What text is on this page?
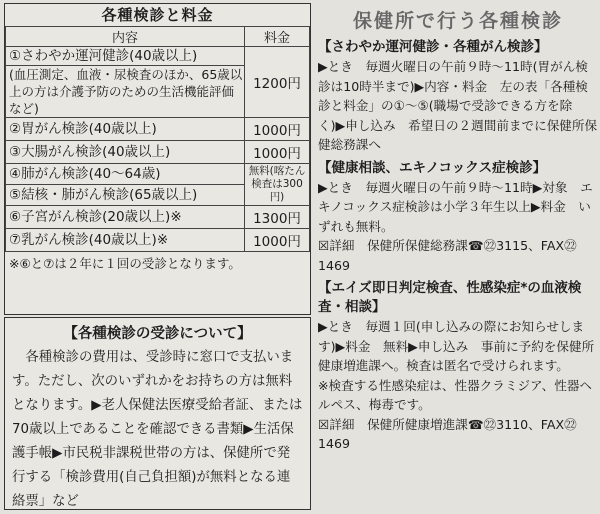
各種検診と料金
内容	料金
①さわやか運河健診(40歳以上)	1200円
(血圧測定、血液・尿検査のほか、65歳以上の方は介護予防のための生活機能評価など)	
②胃がん検診(40歳以上)	1000円
③大腸がん検診(40歳以上)	1000円
④肺がん検診(40～64歳)	無料(喀たん
検査は300円)
⑤結核・肺がん検診(65歳以上)	
⑥子宮がん検診(20歳以上)※	1300円
⑦乳がん検診(40歳以上)※	1000円
※⑥と⑦は２年に１回の受診となります。
【各種検診の受診について】
　各種検診の費用は、受診時に窓口で支払います。ただし、次のいずれかをお持ちの方は無料となります。▶老人保健法医療受給者証、または70歳以上であることを確認できる書類▶生活保護手帳▶市民税非課税世帯の方は、保健所で発行する「検診費用(自己負担額)が無料となる連絡票」など
保健所で行う各種検診
【さわやか運河健診・各種がん検診】
▶とき　毎週火曜日の午前９時～11時(胃がん検診は10時半まで)▶内容・料金　左の表「各種検診と料金」の①～⑤(職場で受診できる方を除く)▶申し込み　希望日の２週間前までに保健所保健総務課へ
【健康相談、エキノコックス症検診】
▶とき　毎週火曜日の午前９時～11時▶対象　エキノコックス症検診は小学３年生以上▶料金　いずれも無料。
☒詳細　保健所保健総務課☎㉒3115、FAX㉒1469
【エイズ即日判定検査、性感染症*の血液検査・相談】
▶とき　毎週１回(申し込みの際にお知らせします)▶料金　無料▶申し込み　事前に予約を保健所健康増進課へ。検査は匿名で受けられます。
※検査する性感染症は、性器クラミジア、性器ヘルペス、梅毒です。
☒詳細　保健所健康増進課☎㉒3110、FAX㉒1469
